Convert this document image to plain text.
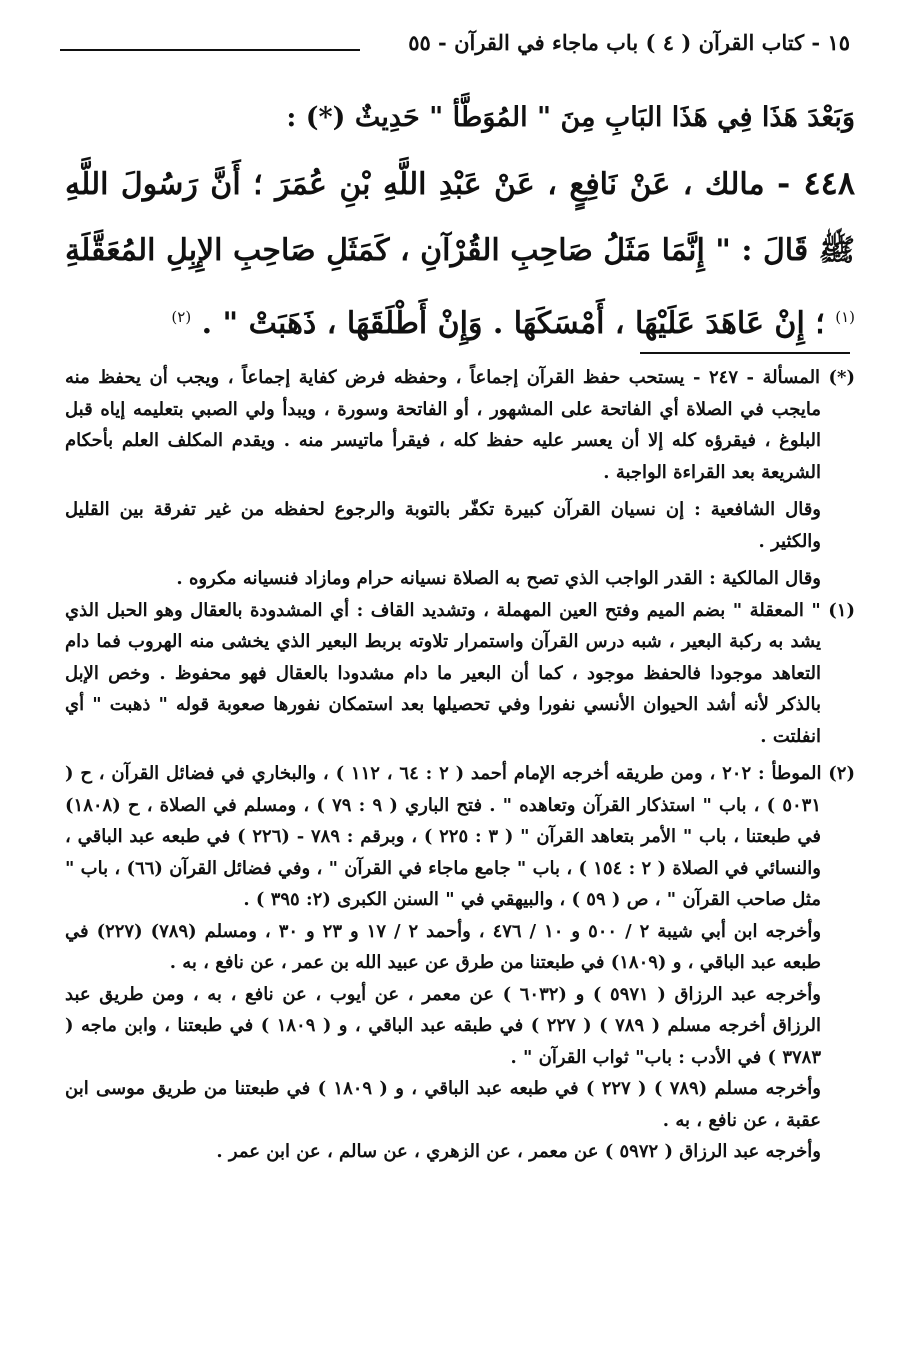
١٥ - كتاب القرآن ( ٤ ) باب ماجاء في القرآن - ٥٥

وَبَعْدَ هَذَا فِي هَذَا البَابِ مِنَ " المُوَطَّأ " حَدِيثٌ (*) :

٤٤٨ - مالك ، عَنْ نَافِعٍ ، عَنْ عَبْدِ اللَّهِ بْنِ عُمَرَ ؛ أَنَّ رَسُولَ اللَّهِ ﷺ قَالَ : " إِنَّمَا مَثَلُ صَاحِبِ القُرْآنِ ، كَمَثَلِ صَاحِبِ الإِبِلِ المُعَقَّلَةِ $^{(١)}$ ؛ إِنْ عَاهَدَ عَلَيْهَا ، أَمْسَكَهَا . وَإِنْ أَطْلَقَهَا ، ذَهَبَتْ " . $^{(٢)}$

(*) المسألة - ٢٤٧ - يستحب حفظ القرآن إجماعاً ، وحفظه فرض كفاية إجماعاً ، ويجب أن يحفظ منه مايجب في الصلاة أي الفاتحة على المشهور ، أو الفاتحة وسورة ، ويبدأ ولي الصبي بتعليمه إياه قبل البلوغ ، فيقرؤه كله إلا أن يعسر عليه حفظ كله ، فيقرأ ماتيسر منه . ويقدم المكلف العلم بأحكام الشريعة بعد القراءة الواجبة .

وقال الشافعية : إن نسيان القرآن كبيرة تكفّر بالتوبة والرجوع لحفظه من غير تفرقة بين القليل والكثير .

وقال المالكية : القدر الواجب الذي تصح به الصلاة نسيانه حرام ومازاد فنسيانه مكروه .

(١) " المعقلة " بضم الميم وفتح العين المهملة ، وتشديد القاف : أي المشدودة بالعقال وهو الحبل الذي يشد به ركبة البعير ، شبه درس القرآن واستمرار تلاوته بربط البعير الذي يخشى منه الهروب فما دام التعاهد موجودا فالحفظ موجود ، كما أن البعير ما دام مشدودا بالعقال فهو محفوظ . وخص الإبل بالذكر لأنه أشد الحيوان الأنسي نفورا وفي تحصيلها بعد استمكان نفورها صعوبة قوله " ذهبت " أي انفلتت .

(٢) الموطأ : ٢٠٢ ، ومن طريقه أخرجه الإمام أحمد ( ٢ : ٦٤ ، ١١٢ ) ، والبخاري في فضائل القرآن ، ح ( ٥٠٣١ ) ، باب " استذكار القرآن وتعاهده " . فتح الباري ( ٩ : ٧٩ ) ، ومسلم في الصلاة ، ح (١٨٠٨) في طبعتنا ، باب " الأمر بتعاهد القرآن " ( ٣ : ٢٢٥ ) ، وبرقم : ٧٨٩ - (٢٢٦ ) في طبعه عبد الباقي ، والنسائي في الصلاة ( ٢ : ١٥٤ ) ، باب " جامع ماجاء في القرآن " ، وفي فضائل القرآن (٦٦) ، باب " مثل صاحب القرآن " ، ص ( ٥٩ ) ، والبيهقي في " السنن الكبرى (٢: ٣٩٥ ) .

وأخرجه ابن أبي شيبة ٢ / ٥٠٠ و ١٠ / ٤٧٦ ، وأحمد ٢ / ١٧ و ٢٣ و ٣٠ ، ومسلم (٧٨٩) (٢٢٧) في طبعه عبد الباقي ، و (١٨٠٩) في طبعتنا من طرق عن عبيد الله بن عمر ، عن نافع ، به .

وأخرجه عبد الرزاق ( ٥٩٧١ ) و (٦٠٣٢ ) عن معمر ، عن أيوب ، عن نافع ، به ، ومن طريق عبد الرزاق أخرجه مسلم ( ٧٨٩ ) ( ٢٢٧ ) في طبقه عبد الباقي ، و ( ١٨٠٩ ) في طبعتنا ، وابن ماجه ( ٣٧٨٣ ) في الأدب : باب" ثواب القرآن " .

وأخرجه مسلم (٧٨٩ ) ( ٢٢٧ ) في طبعه عبد الباقي ، و ( ١٨٠٩ ) في طبعتنا من طريق موسى ابن عقبة ، عن نافع ، به .

وأخرجه عبد الرزاق ( ٥٩٧٢ ) عن معمر ، عن الزهري ، عن سالم ، عن ابن عمر .
